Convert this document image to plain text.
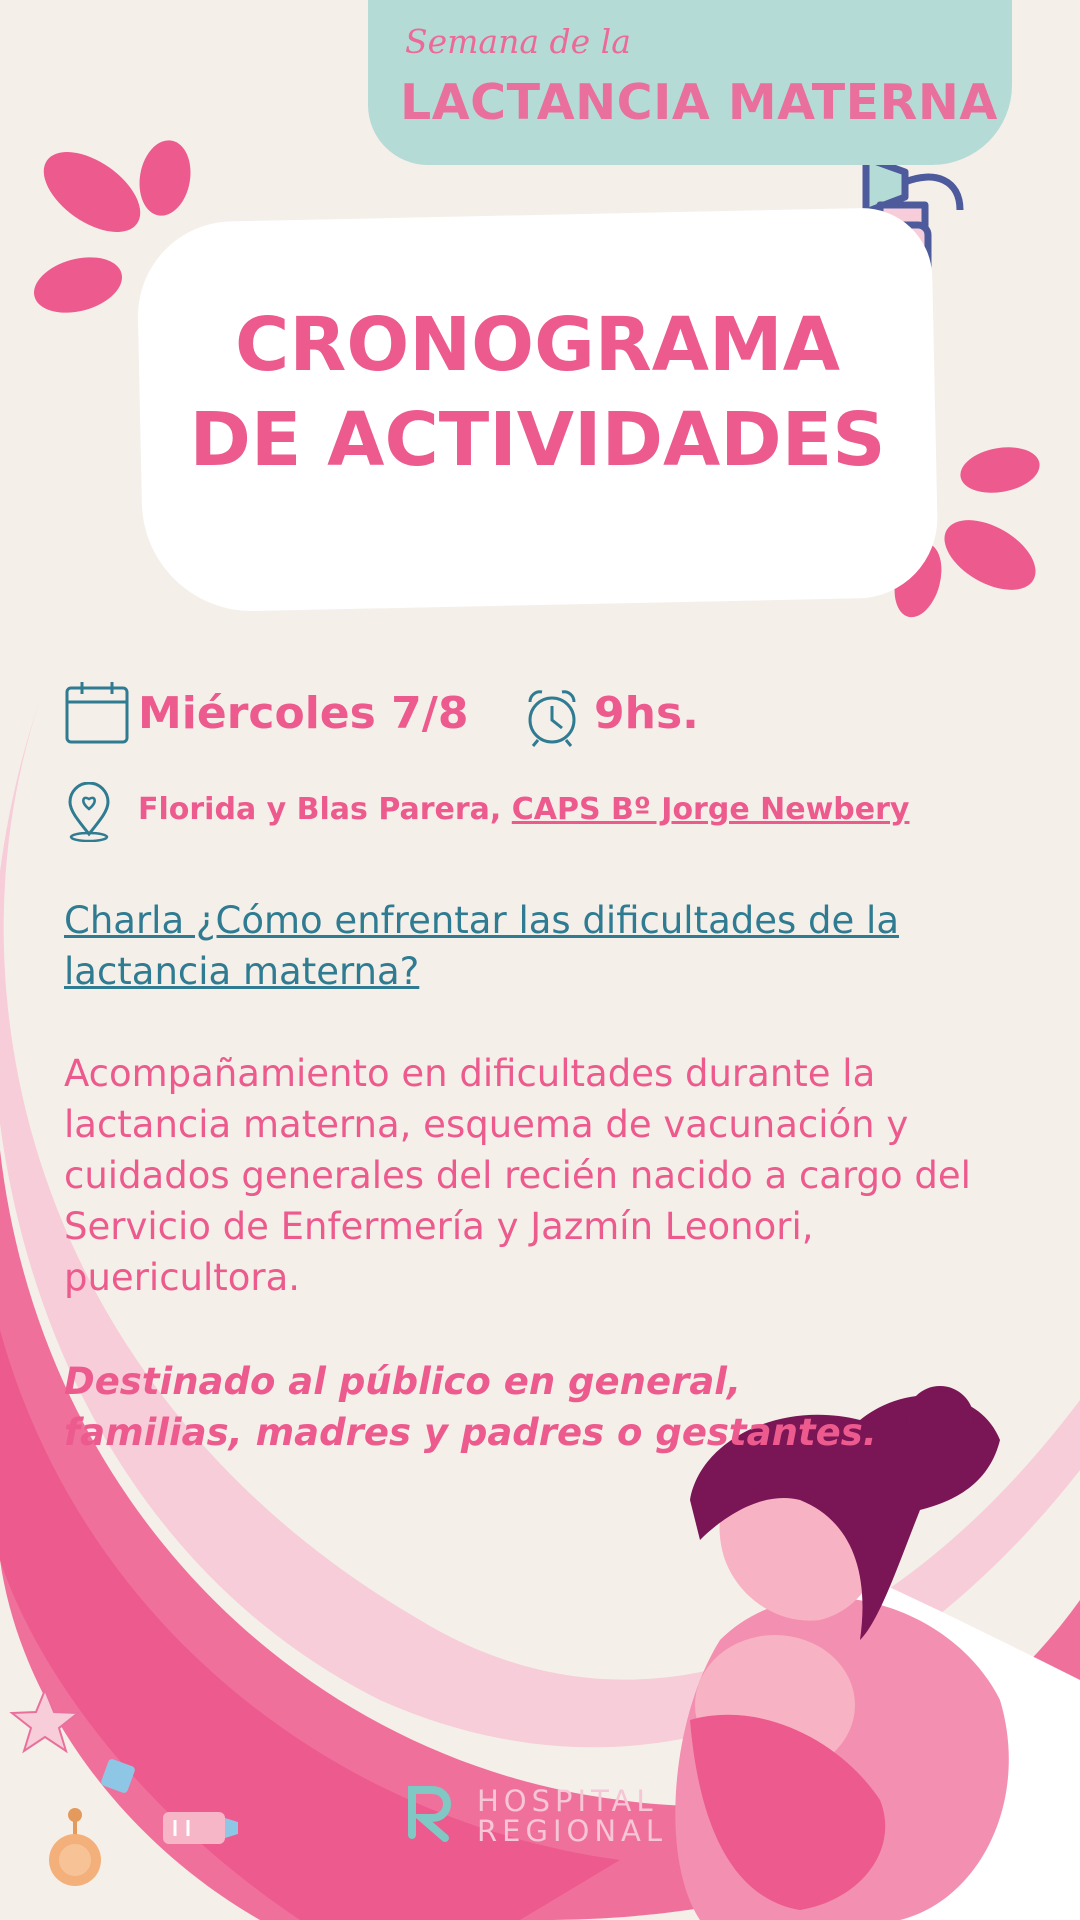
Semana de la
LACTANCIA MATERNA
CRONOGRAMA
DE ACTIVIDADES
Miércoles 7/8	9hs.
Florida y Blas Parera, CAPS Bº Jorge Newbery
Charla ¿Cómo enfrentar las dificultades de la lactancia materna?
Acompañamiento en dificultades durante la lactancia materna, esquema de vacunación y cuidados generales del recién nacido a cargo del Servicio de Enfermería y Jazmín Leonori, puericultora.
Destinado al público en general, familias, madres y padres o gestantes.
HOSPITAL
REGIONAL
